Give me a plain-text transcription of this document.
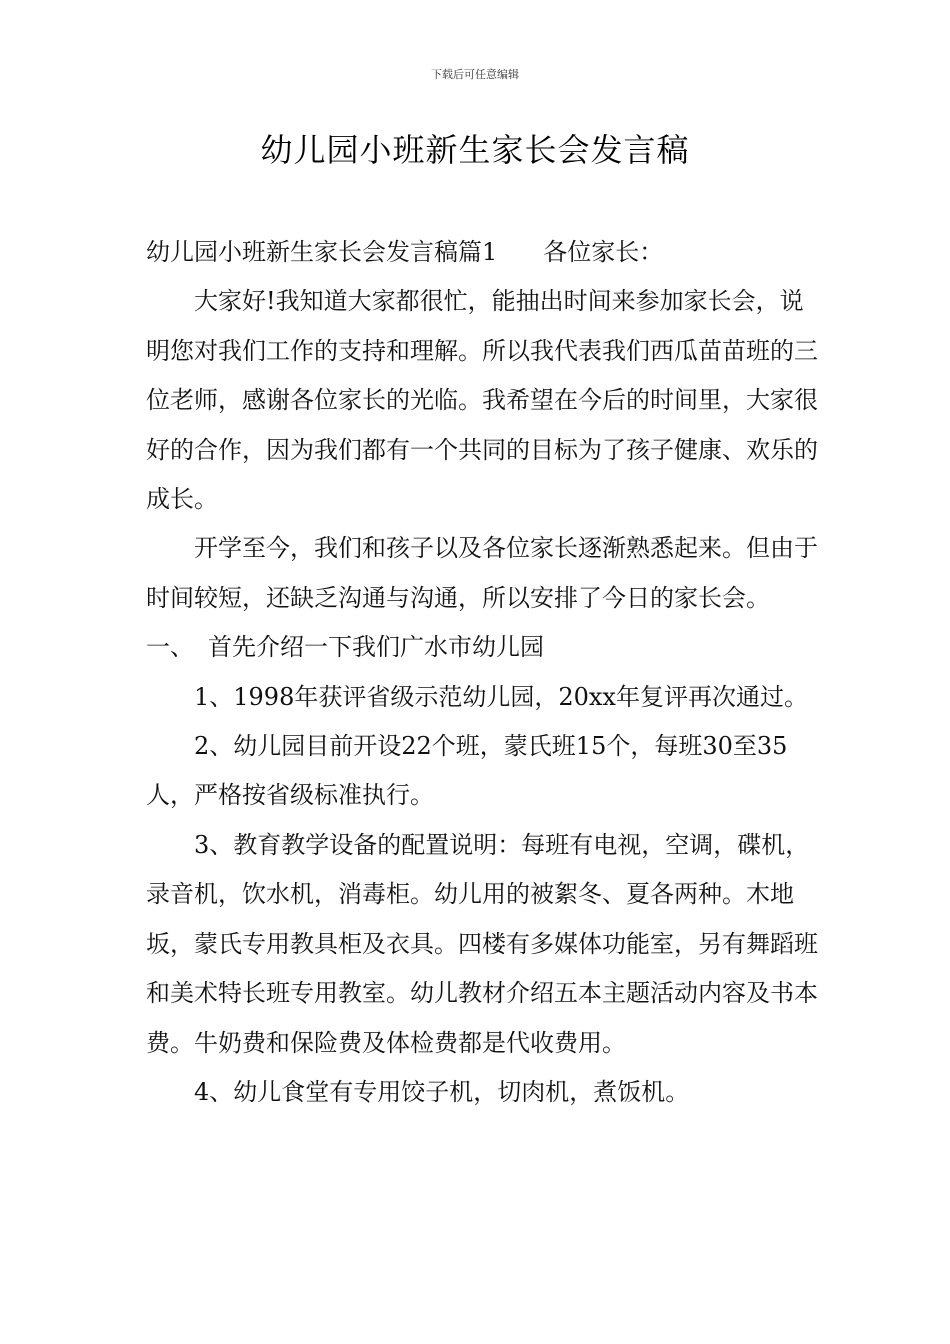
下载后可任意编辑
幼儿园小班新生家长会发言稿

幼儿园小班新生家长会发言稿篇1 各位家长：

大家好!我知道大家都很忙，能抽出时间来参加家长会，说明您对我们工作的支持和理解。所以我代表我们西瓜苗苗班的三位老师，感谢各位家长的光临。我希望在今后的时间里，大家很好的合作，因为我们都有一个共同的目标为了孩子健康、欢乐的成长。

开学至今，我们和孩子以及各位家长逐渐熟悉起来。但由于时间较短，还缺乏沟通与沟通，所以安排了今日的家长会。

一、 首先介绍一下我们广水市幼儿园

1、1998年获评省级示范幼儿园，20xx年复评再次通过。

2、幼儿园目前开设22个班，蒙氏班15个，每班30至35人，严格按省级标准执行。

3、教育教学设备的配置说明：每班有电视，空调，碟机，录音机，饮水机，消毒柜。幼儿用的被絮冬、夏各两种。木地坂，蒙氏专用教具柜及衣具。四楼有多媒体功能室，另有舞蹈班和美术特长班专用教室。幼儿教材介绍五本主题活动内容及书本费。牛奶费和保险费及体检费都是代收费用。

4、幼儿食堂有专用饺子机，切肉机，煮饭机。
